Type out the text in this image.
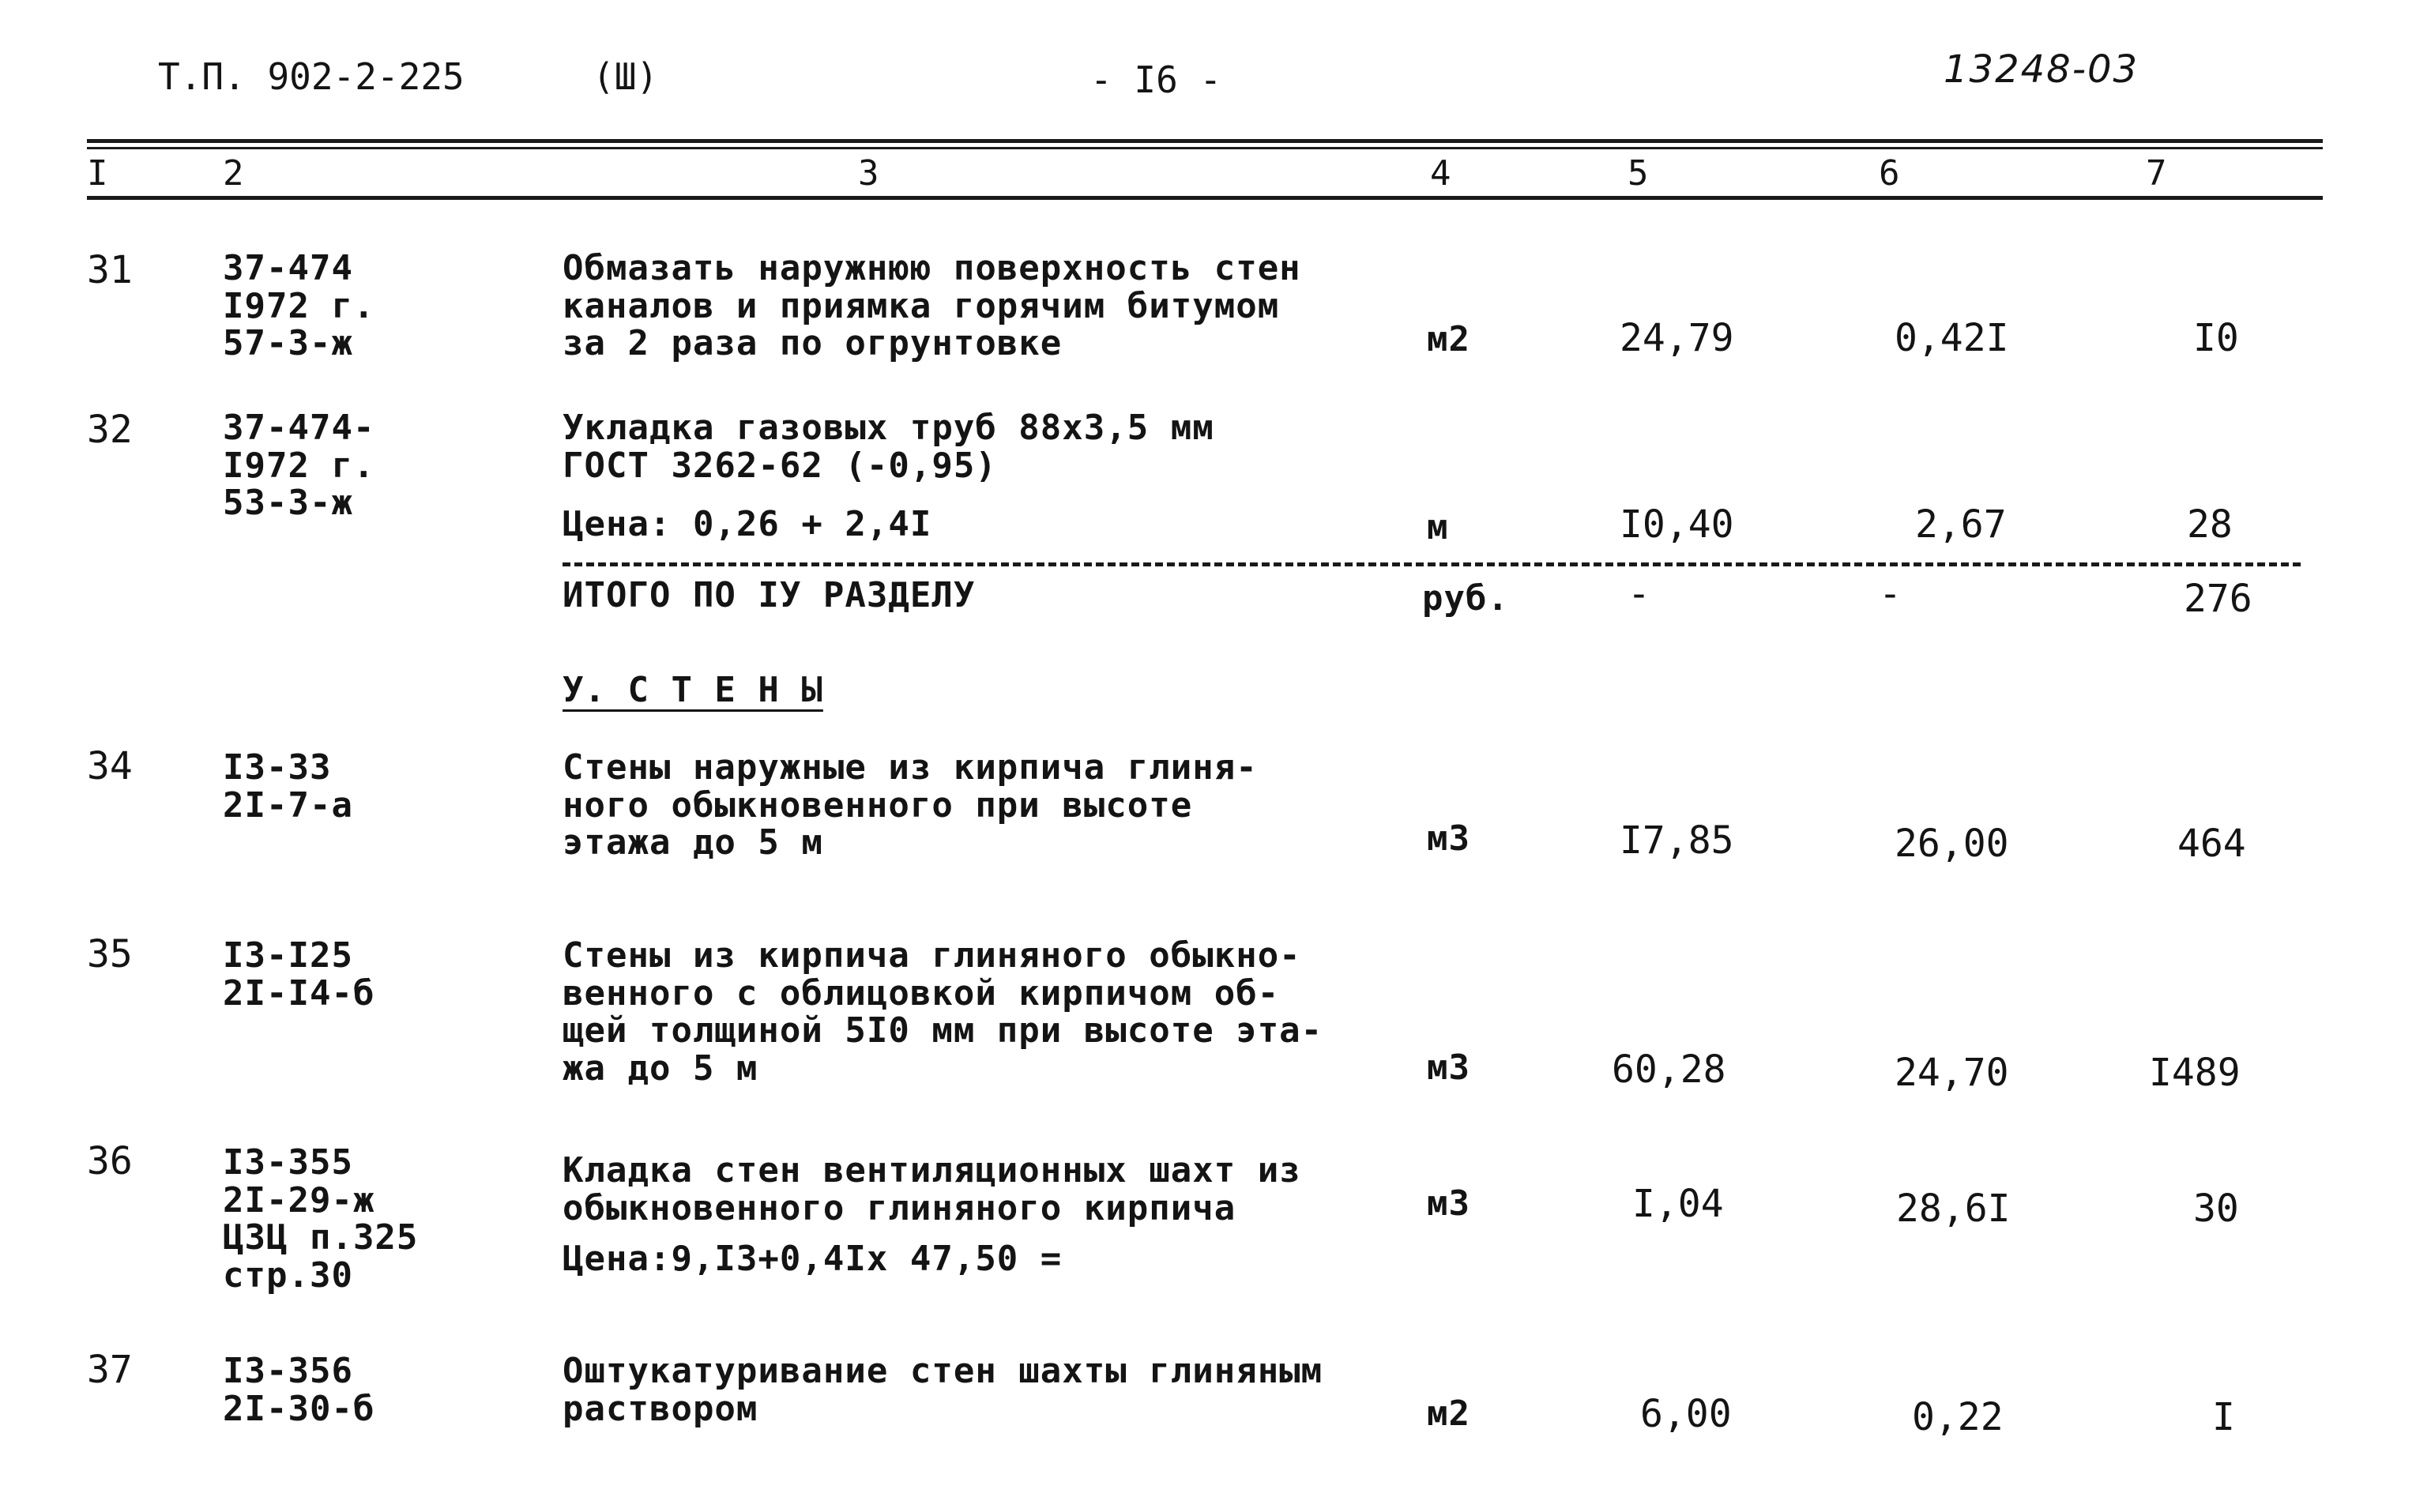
Т.П. 902-2-225	(Ш)	- I6 -	13248-03
I	2	3	4	5	6	7
31	37-474
I972 г.
57-3-ж
Обмазать наружнюю поверхность стен
каналов и приямка горячим битумом
за 2 раза по огрунтовке	м2	24,79	0,42I	I0
32	37-474-
I972 г.
53-3-ж
Укладка газовых труб 88х3,5 мм
ГОСТ 3262-62 (-0,95)
Цена: 0,26 + 2,4I	м	I0,40	2,67	28
ИТОГО ПО IУ РАЗДЕЛУ	руб.	-	-	276
У. С Т Е Н Ы
34	I3-33
2I-7-а
Стены наружные из кирпича глиня-
ного обыкновенного при высоте
этажа до 5 м	м3	I7,85	26,00	464
35	I3-I25
2I-I4-б
Стены из кирпича глиняного обыкно-
венного с облицовкой кирпичом об-
щей толщиной 5I0 мм при высоте эта-
жа до 5 м	м3	60,28	24,70	I489
36	I3-355
2I-29-ж
ЦЗЦ п.325
стр.30
Кладка стен вентиляционных шахт из
обыкновенного глиняного кирпича
Цена:9,I3+0,4Iх 47,50 =
м3	I,04	28,6I	30
37	I3-356
2I-30-б
Оштукатуривание стен шахты глиняным
раствором	м2	6,00	0,22	I
